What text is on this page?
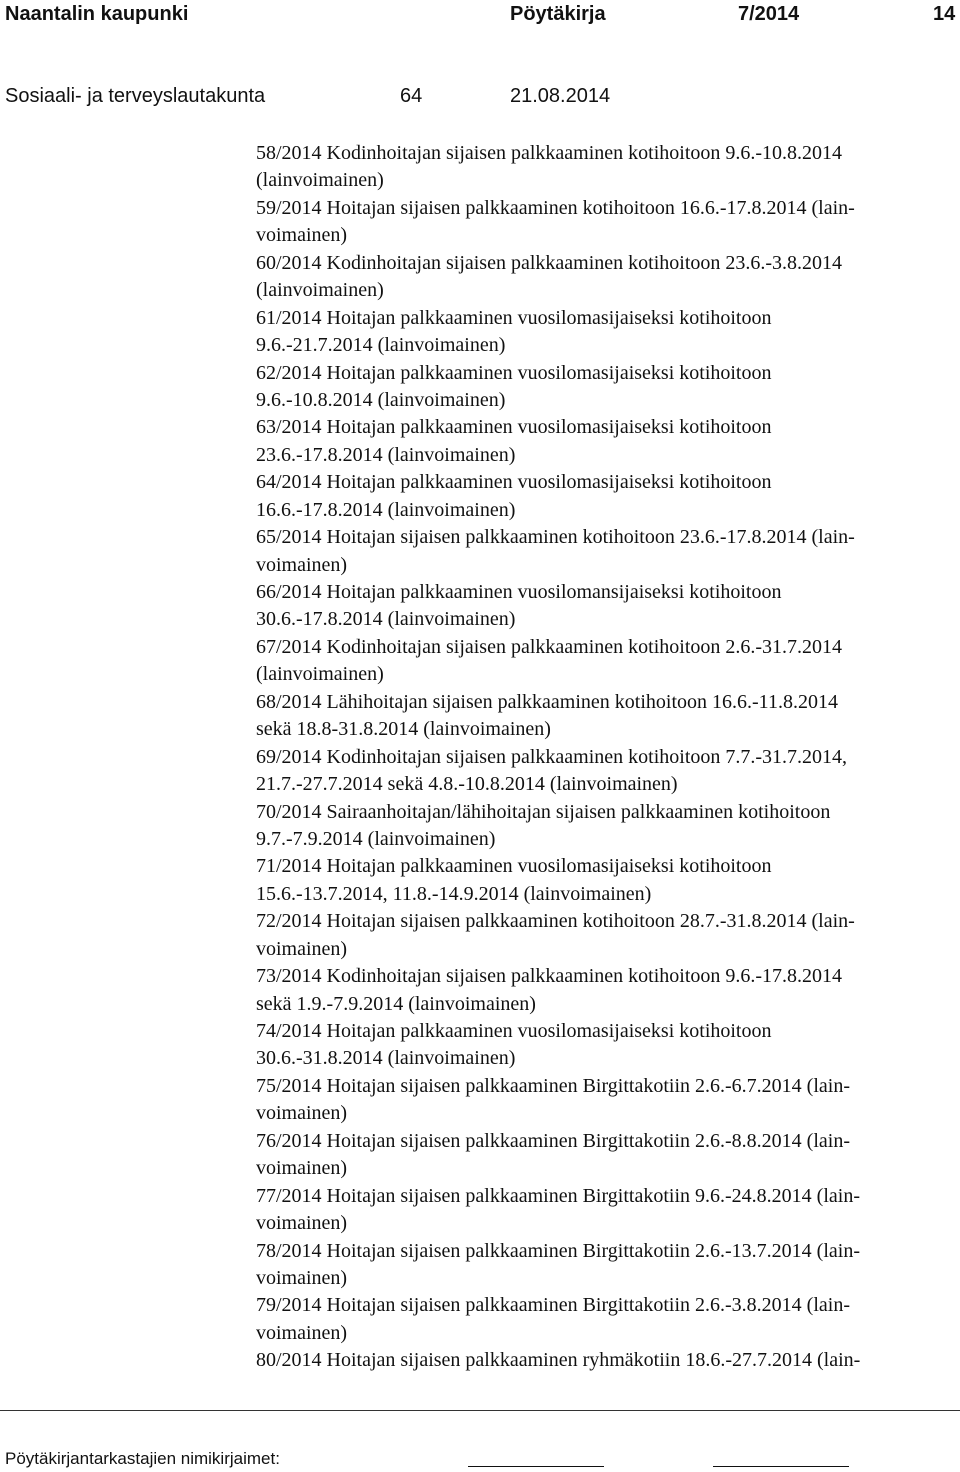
Naantalin kaupunki	Pöytäkirja	7/2014	14
Sosiaali- ja terveyslautakunta	64	21.08.2014
58/2014 Kodinhoitajan sijaisen palkkaaminen kotihoitoon 9.6.-10.8.2014
(lainvoimainen)
59/2014 Hoitajan sijaisen palkkaaminen kotihoitoon 16.6.-17.8.2014 (lain-
voimainen)
60/2014 Kodinhoitajan sijaisen palkkaaminen kotihoitoon 23.6.-3.8.2014
(lainvoimainen)
61/2014 Hoitajan palkkaaminen vuosilomasijaiseksi kotihoitoon
9.6.-21.7.2014 (lainvoimainen)
62/2014 Hoitajan palkkaaminen vuosilomasijaiseksi kotihoitoon
9.6.-10.8.2014 (lainvoimainen)
63/2014 Hoitajan palkkaaminen vuosilomasijaiseksi kotihoitoon
23.6.-17.8.2014 (lainvoimainen)
64/2014 Hoitajan palkkaaminen vuosilomasijaiseksi kotihoitoon
16.6.-17.8.2014 (lainvoimainen)
65/2014 Hoitajan sijaisen palkkaaminen kotihoitoon 23.6.-17.8.2014 (lain-
voimainen)
66/2014 Hoitajan palkkaaminen vuosilomansijaiseksi kotihoitoon
30.6.-17.8.2014 (lainvoimainen)
67/2014 Kodinhoitajan sijaisen palkkaaminen kotihoitoon 2.6.-31.7.2014
(lainvoimainen)
68/2014 Lähihoitajan sijaisen palkkaaminen kotihoitoon 16.6.-11.8.2014
sekä 18.8-31.8.2014 (lainvoimainen)
69/2014 Kodinhoitajan sijaisen palkkaaminen kotihoitoon 7.7.-31.7.2014,
21.7.-27.7.2014 sekä 4.8.-10.8.2014 (lainvoimainen)
70/2014 Sairaanhoitajan/lähihoitajan sijaisen palkkaaminen kotihoitoon
9.7.-7.9.2014 (lainvoimainen)
71/2014 Hoitajan palkkaaminen vuosilomasijaiseksi kotihoitoon
15.6.-13.7.2014, 11.8.-14.9.2014 (lainvoimainen)
72/2014 Hoitajan sijaisen palkkaaminen kotihoitoon 28.7.-31.8.2014 (lain-
voimainen)
73/2014 Kodinhoitajan sijaisen palkkaaminen kotihoitoon 9.6.-17.8.2014
sekä 1.9.-7.9.2014 (lainvoimainen)
74/2014 Hoitajan palkkaaminen vuosilomasijaiseksi kotihoitoon
30.6.-31.8.2014 (lainvoimainen)
75/2014 Hoitajan sijaisen palkkaaminen Birgittakotiin 2.6.-6.7.2014 (lain-
voimainen)
76/2014 Hoitajan sijaisen palkkaaminen Birgittakotiin 2.6.-8.8.2014 (lain-
voimainen)
77/2014 Hoitajan sijaisen palkkaaminen Birgittakotiin 9.6.-24.8.2014 (lain-
voimainen)
78/2014 Hoitajan sijaisen palkkaaminen Birgittakotiin 2.6.-13.7.2014 (lain-
voimainen)
79/2014 Hoitajan sijaisen palkkaaminen Birgittakotiin 2.6.-3.8.2014 (lain-
voimainen)
80/2014 Hoitajan sijaisen palkkaaminen ryhmäkotiin 18.6.-27.7.2014 (lain-
Pöytäkirjantarkastajien nimikirjaimet:
